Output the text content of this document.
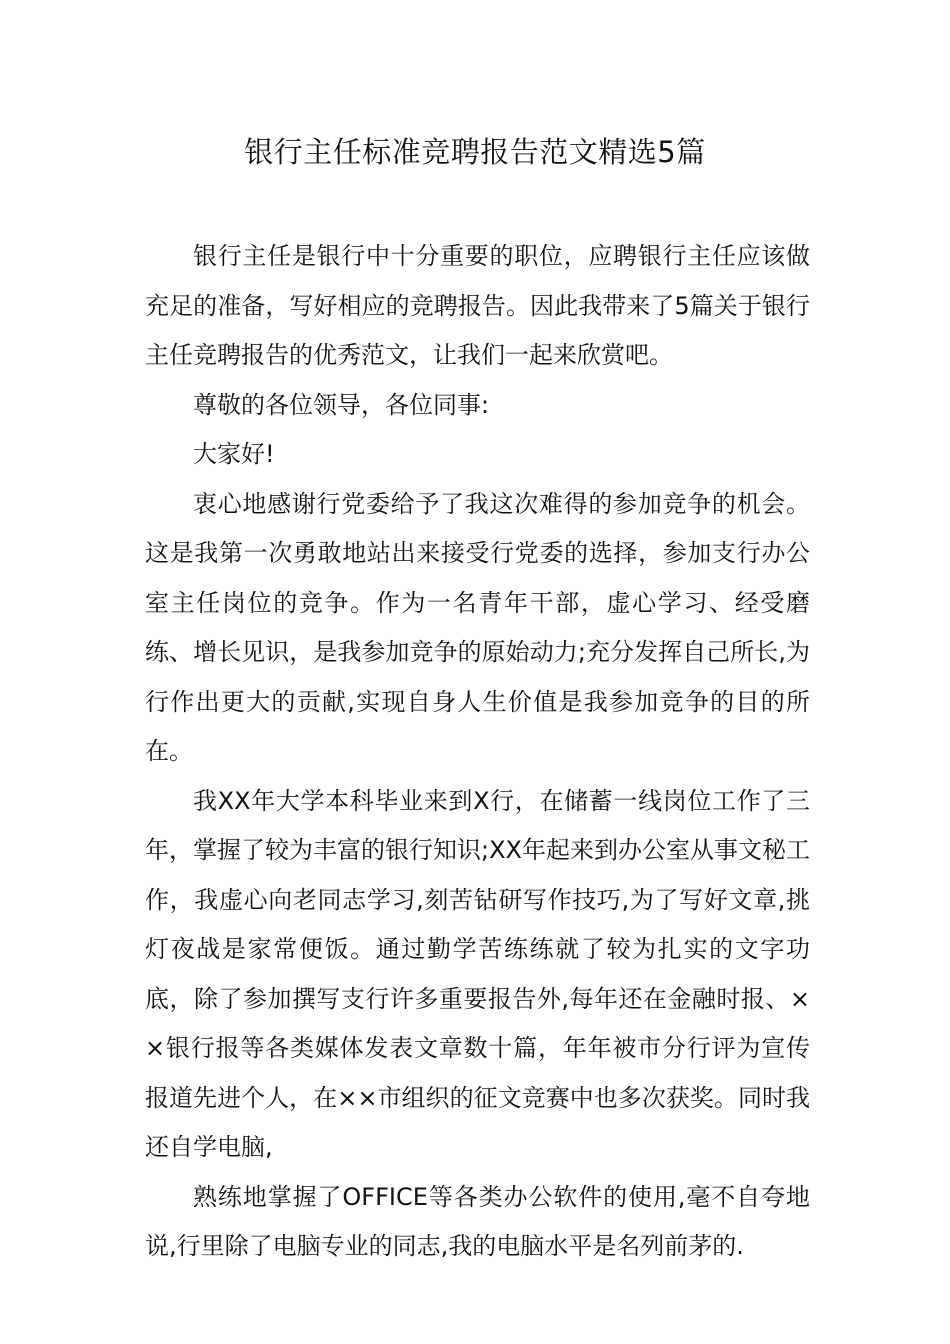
银行主任标准竞聘报告范文精选5篇

银行主任是银行中十分重要的职位，应聘银行主任应该做充足的准备，写好相应的竞聘报告。因此我带来了5篇关于银行主任竞聘报告的优秀范文，让我们一起来欣赏吧。

尊敬的各位领导，各位同事:

大家好!

衷心地感谢行党委给予了我这次难得的参加竞争的机会。这是我第一次勇敢地站出来接受行党委的选择，参加支行办公室主任岗位的竞争。作为一名青年干部，虚心学习、经受磨练、增长见识，是我参加竞争的原始动力;充分发挥自己所长,为行作出更大的贡献,实现自身人生价值是我参加竞争的目的所在。

我XX年大学本科毕业来到X行，在储蓄一线岗位工作了三年，掌握了较为丰富的银行知识;XX年起来到办公室从事文秘工作，我虚心向老同志学习,刻苦钻研写作技巧,为了写好文章,挑灯夜战是家常便饭。通过勤学苦练练就了较为扎实的文字功底，除了参加撰写支行许多重要报告外,每年还在金融时报、××银行报等各类媒体发表文章数十篇，年年被市分行评为宣传报道先进个人，在××市组织的征文竞赛中也多次获奖。同时我还自学电脑,

熟练地掌握了OFFICE等各类办公软件的使用,毫不自夸地说,行里除了电脑专业的同志,我的电脑水平是名列前茅的.
